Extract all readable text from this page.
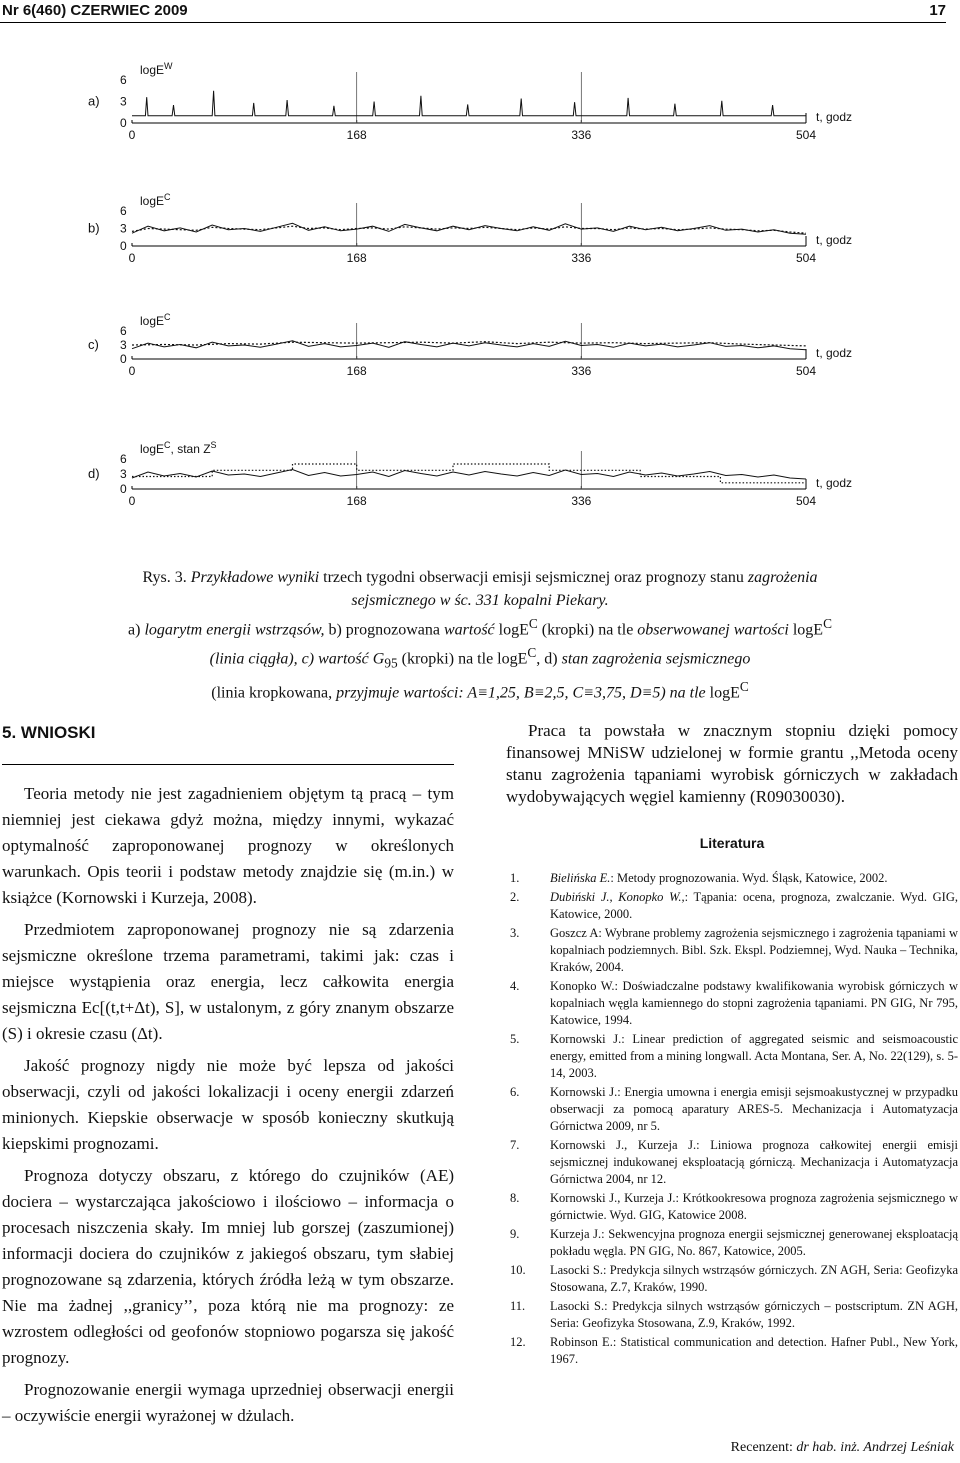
Nr 6(460) CZERWIEC 2009	17
a)
6
3
0
logE$^W$
0	168	336	504
t, godz
b)
6
3
0
logE$^C$
0	168	336	504
t, godz
c)
6
3
0
logE$^C$
0	168	336	504
t, godz
d)
6
3
0
logE$^C$, stan $Z^S$
0	168	336	504
t, godz
Rys. 3. Przykładowe wyniki trzech tygodni obserwacji emisji sejsmicznej oraz prognozy stanu zagrożenia
sejsmicznego w śc. 331 kopalni Piekary.
a) logarytm energii wstrząsów, b) prognozowana wartość logE$^C$ (kropki) na tle obserwowanej wartości logE$^C$
(linia ciągła), c) wartość $G_{95}$ (kropki) na tle logE$^C$, d) stan zagrożenia sejsmicznego
(linia kropkowana, przyjmuje wartości: A≡1,25, B≡2,5, C≡3,75, D≡5) na tle logE$^C$
5. WNIOSKI

Teoria metody nie jest zagadnieniem objętym tą pracą – tym niemniej jest ciekawa gdyż można, między innymi, wykazać optymalność zaproponowanej prognozy w określonych warunkach. Opis teorii i podstaw metody znajdzie się (m.in.) w książce (Kornowski i Kurzeja, 2008).

Przedmiotem zaproponowanej prognozy nie są zdarzenia sejsmiczne określone trzema parametrami, takimi jak: czas i miejsce wystąpienia oraz energia, lecz całkowita energia sejsmiczna Ec[(t,t+Δt), S], w ustalonym, z góry znanym obszarze (S) i okresie czasu (Δt).

Jakość prognozy nigdy nie może być lepsza od jakości obserwacji, czyli od jakości lokalizacji i oceny energii zdarzeń minionych. Kiepskie obserwacje w sposób konieczny skutkują kiepskimi prognozami.

Prognoza dotyczy obszaru, z którego do czujników (AE) dociera – wystarczająca jakościowo i ilościowo – informacja o procesach niszczenia skały. Im mniej lub gorszej (zaszumionej) informacji dociera do czujników z jakiegoś obszaru, tym słabiej prognozowane są zdarzenia, których źródła leżą w tym obszarze. Nie ma żadnej ,,granicy’’, poza którą nie ma prognozy: ze wzrostem odległości od geofonów stopniowo pogarsza się jakość prognozy.

Prognozowanie energii wymaga uprzedniej obserwacji energii – oczywiście energii wyrażonej w dżulach.

Praca ta powstała w znacznym stopniu dzięki pomocy finansowej MNiSW udzielonej w formie grantu ,,Metoda oceny stanu zagrożenia tąpaniami wyrobisk górniczych w zakładach wydobywających węgiel kamienny (R09030030).

Literatura
1. Bielińska E.: Metody prognozowania. Wyd. Śląsk, Katowice, 2002.
2. Dubiński J., Konopko W.,: Tąpania: ocena, prognoza, zwalczanie. Wyd. GIG, Katowice, 2000.
3. Goszcz A: Wybrane problemy zagrożenia sejsmicznego i zagrożenia tąpaniami w kopalniach podziemnych. Bibl. Szk. Ekspl. Podziemnej, Wyd. Nauka – Technika, Kraków, 2004.
4. Konopko W.: Doświadczalne podstawy kwalifikowania wyrobisk górniczych w kopalniach węgla kamiennego do stopni zagrożenia tąpaniami. PN GIG, Nr 795, Katowice, 1994.
5. Kornowski J.: Linear prediction of aggregated seismic and seismoacoustic energy, emitted from a mining longwall. Acta Montana, Ser. A, No. 22(129), s. 5-14, 2003.
6. Kornowski J.: Energia umowna i energia emisji sejsmoakustycznej w przypadku obserwacji za pomocą aparatury ARES-5. Mechanizacja i Automatyzacja Górnictwa 2009, nr 5.
7. Kornowski J., Kurzeja J.: Liniowa prognoza całkowitej energii emisji sejsmicznej indukowanej eksploatacją górniczą. Mechanizacja i Automatyzacja Górnictwa 2004, nr 12.
8. Kornowski J., Kurzeja J.: Krótkookresowa prognoza zagrożenia sejsmicznego w górnictwie. Wyd. GIG, Katowice 2008.
9. Kurzeja J.: Sekwencyjna prognoza energii sejsmicznej generowanej eksploatacją pokładu węgla. PN GIG, No. 867, Katowice, 2005.
10. Lasocki S.: Predykcja silnych wstrząsów górniczych. ZN AGH, Seria: Geofizyka Stosowana, Z.7, Kraków, 1990.
11. Lasocki S.: Predykcja silnych wstrząsów górniczych – postscriptum. ZN AGH, Seria: Geofizyka Stosowana, Z.9, Kraków, 1992.
12. Robinson E.: Statistical communication and detection. Hafner Publ., New York, 1967.
Recenzent: dr hab. inż. Andrzej Leśniak
